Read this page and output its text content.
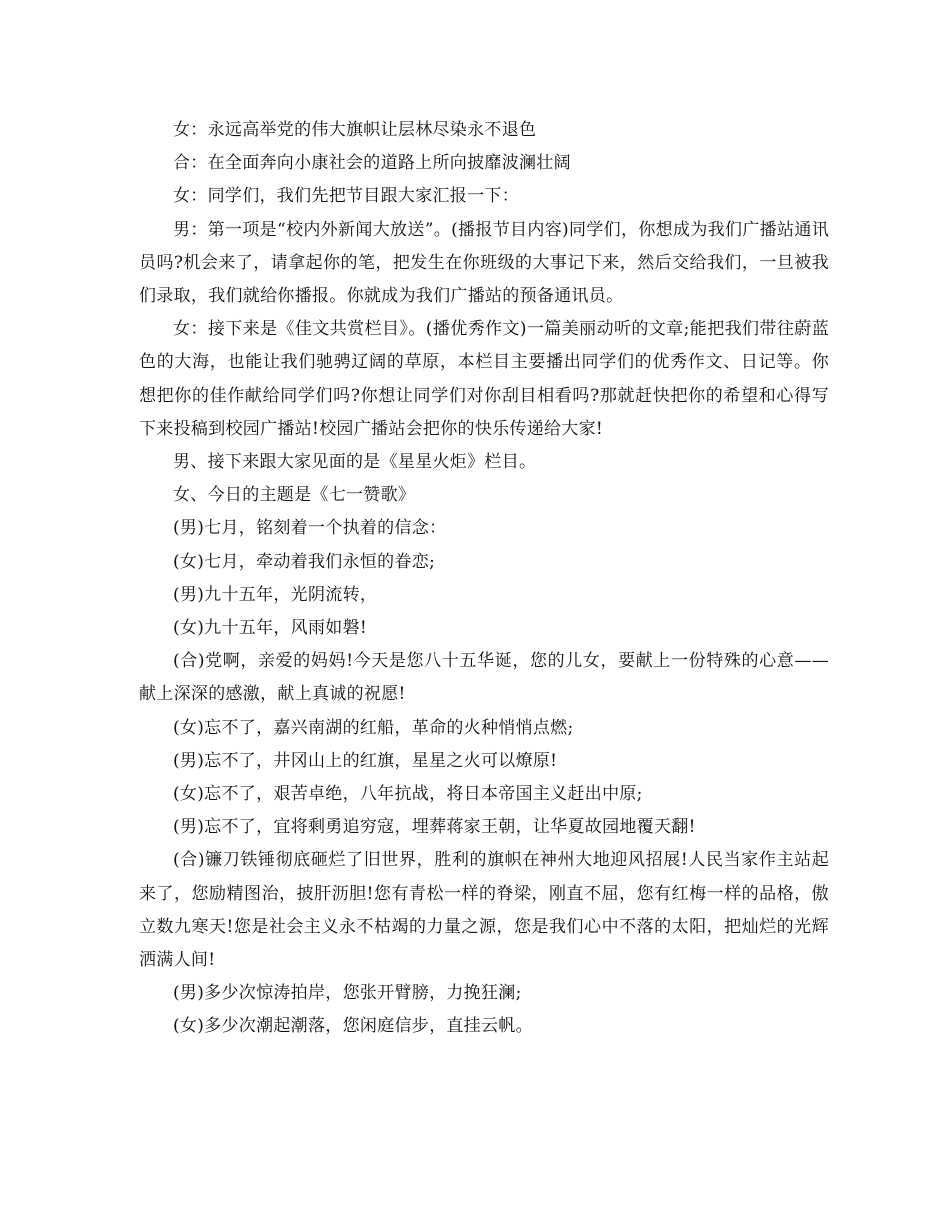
女：永远高举党的伟大旗帜让层林尽染永不退色

合：在全面奔向小康社会的道路上所向披靡波澜壮阔

女：同学们，我们先把节目跟大家汇报一下：

男：第一项是“校内外新闻大放送”。(播报节目内容)同学们，你想成为我们广播站通讯员吗?机会来了，请拿起你的笔，把发生在你班级的大事记下来，然后交给我们，一旦被我们录取，我们就给你播报。你就成为我们广播站的预备通讯员。

女：接下来是《佳文共赏栏目》。(播优秀作文)一篇美丽动听的文章;能把我们带往蔚蓝色的大海，也能让我们驰骋辽阔的草原，本栏目主要播出同学们的优秀作文、日记等。你想把你的佳作献给同学们吗?你想让同学们对你刮目相看吗?那就赶快把你的希望和心得写下来投稿到校园广播站!校园广播站会把你的快乐传递给大家!

男、接下来跟大家见面的是《星星火炬》栏目。

女、今日的主题是《七一赞歌》

(男)七月，铭刻着一个执着的信念：

(女)七月，牵动着我们永恒的眷恋;

(男)九十五年，光阴流转，

(女)九十五年，风雨如磐!

(合)党啊，亲爱的妈妈!今天是您八十五华诞，您的儿女，要献上一份特殊的心意——献上深深的感激，献上真诚的祝愿!

(女)忘不了，嘉兴南湖的红船，革命的火种悄悄点燃;

(男)忘不了，井冈山上的红旗，星星之火可以燎原!

(女)忘不了，艰苦卓绝，八年抗战，将日本帝国主义赶出中原;

(男)忘不了，宜将剩勇追穷寇，埋葬蒋家王朝，让华夏故园地覆天翻!

(合)镰刀铁锤彻底砸烂了旧世界，胜利的旗帜在神州大地迎风招展!人民当家作主站起来了，您励精图治，披肝沥胆!您有青松一样的脊梁，刚直不屈，您有红梅一样的品格，傲立数九寒天!您是社会主义永不枯竭的力量之源，您是我们心中不落的太阳，把灿烂的光辉洒满人间!

(男)多少次惊涛拍岸，您张开臂膀，力挽狂澜;

(女)多少次潮起潮落，您闲庭信步，直挂云帆。
